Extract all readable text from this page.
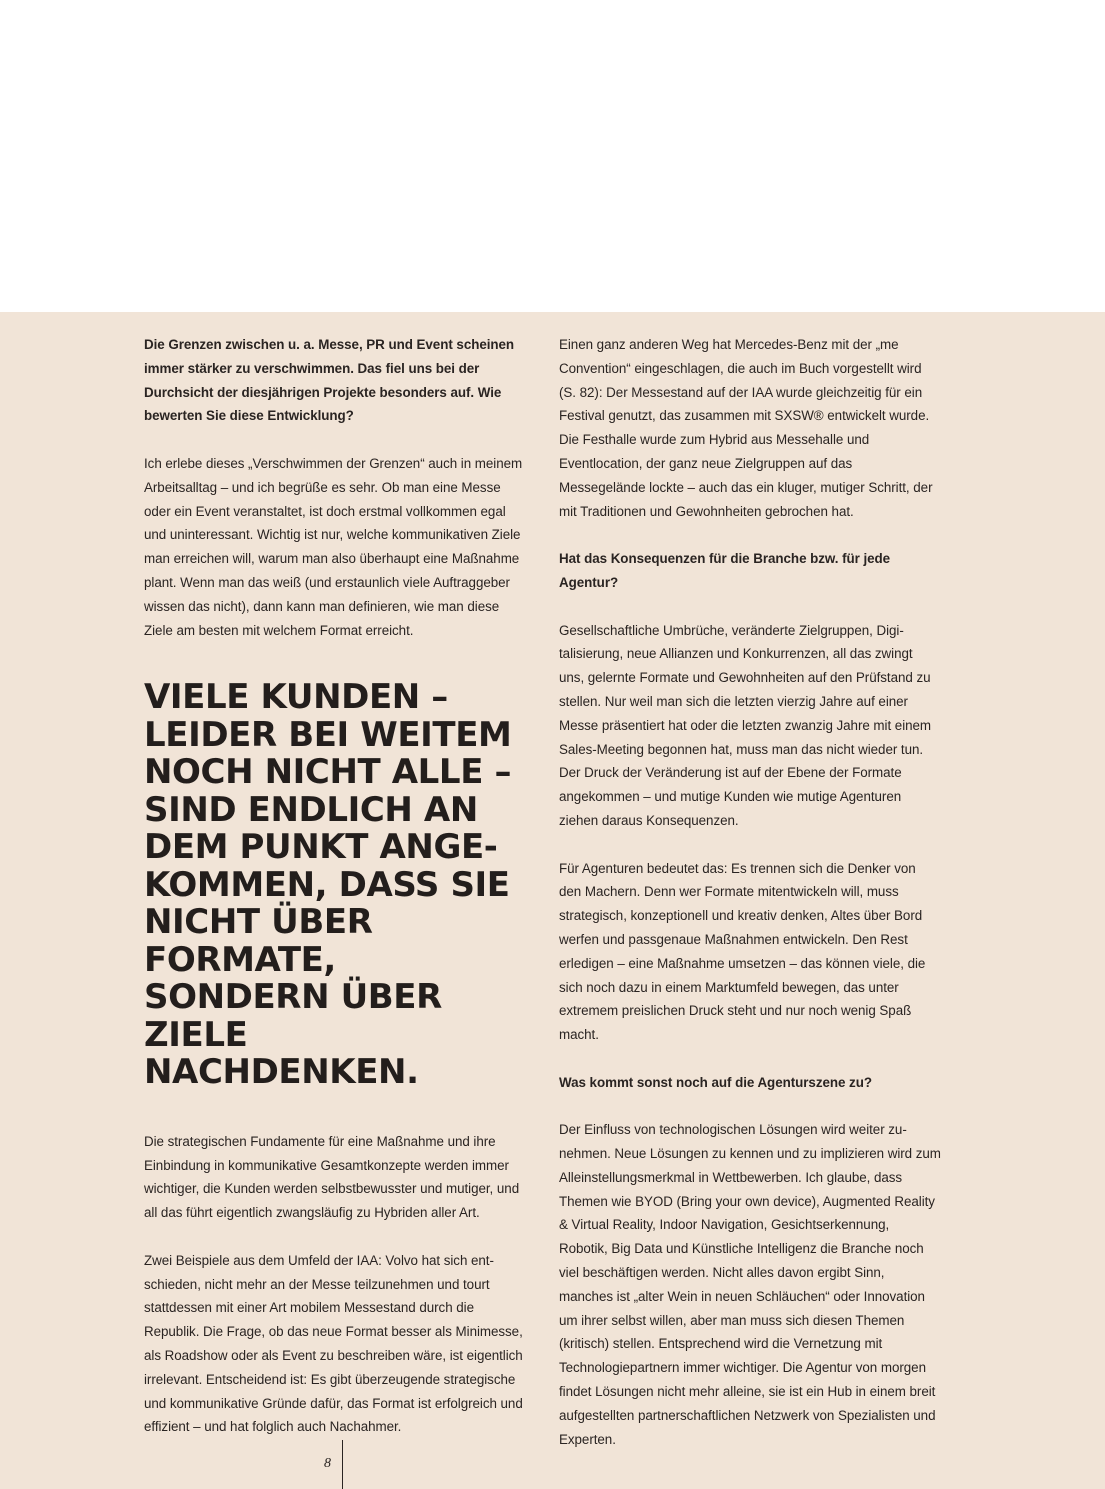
Die Grenzen zwischen u. a. Messe, PR und Event scheinen immer stärker zu verschwimmen. Das fiel uns bei der Durchsicht der diesjährigen Projekte besonders auf. Wie bewerten Sie diese Entwicklung?

Ich erlebe dieses „Verschwimmen der Grenzen“ auch in meinem Arbeitsalltag – und ich begrüße es sehr. Ob man eine Messe oder ein Event veranstaltet, ist doch erstmal vollkommen egal und uninteressant. Wichtig ist nur, welche kommunikativen Ziele man erreichen will, warum man also überhaupt eine Maßnahme plant. Wenn man das weiß (und erstaunlich viele Auftraggeber wissen das nicht), dann kann man definieren, wie man diese Ziele am besten mit welchem Format erreicht.

VIELE KUNDEN –
LEIDER BEI WEITEM
NOCH NICHT ALLE –
SIND ENDLICH AN
DEM PUNKT ANGE-
KOMMEN, DASS SIE
NICHT ÜBER FORMATE,
SONDERN ÜBER ZIELE
NACHDENKEN.

Die strategischen Fundamente für eine Maßnahme und ihre Einbindung in kommunikative Gesamtkonzepte werden immer wichtiger, die Kunden werden selbstbewusster und mutiger, und all das führt eigentlich zwangsläufig zu Hybriden aller Art.

Zwei Beispiele aus dem Umfeld der IAA: Volvo hat sich entschieden, nicht mehr an der Messe teilzunehmen und tourt stattdessen mit einer Art mobilem Messestand durch die Republik. Die Frage, ob das neue Format besser als Minimesse, als Roadshow oder als Event zu beschreiben wäre, ist eigentlich irrelevant. Entscheidend ist: Es gibt überzeugende strategische und kommunikative Gründe dafür, das Format ist erfolgreich und effizient – und hat folglich auch Nachahmer.

Einen ganz anderen Weg hat Mercedes-Benz mit der „me Convention“ eingeschlagen, die auch im Buch vorgestellt wird (S. 82): Der Messestand auf der IAA wurde gleichzeitig für ein Festival genutzt, das zusammen mit SXSW® entwickelt wurde. Die Festhalle wurde zum Hybrid aus Messehalle und Eventlocation, der ganz neue Zielgruppen auf das Messegelände lockte – auch das ein kluger, mutiger Schritt, der mit Traditionen und Gewohnheiten gebrochen hat.

Hat das Konsequenzen für die Branche bzw. für jede Agentur?

Gesellschaftliche Umbrüche, veränderte Zielgruppen, Digitalisierung, neue Allianzen und Konkurrenzen, all das zwingt uns, gelernte Formate und Gewohnheiten auf den Prüfstand zu stellen. Nur weil man sich die letzten vierzig Jahre auf einer Messe präsentiert hat oder die letzten zwanzig Jahre mit einem Sales-Meeting begonnen hat, muss man das nicht wieder tun. Der Druck der Veränderung ist auf der Ebene der Formate angekommen – und mutige Kunden wie mutige Agenturen ziehen daraus Konsequenzen.

Für Agenturen bedeutet das: Es trennen sich die Denker von den Machern. Denn wer Formate mitentwickeln will, muss strategisch, konzeptionell und kreativ denken, Altes über Bord werfen und passgenaue Maßnahmen entwickeln. Den Rest erledigen – eine Maßnahme umsetzen – das können viele, die sich noch dazu in einem Marktumfeld bewegen, das unter extremem preislichen Druck steht und nur noch wenig Spaß macht.

Was kommt sonst noch auf die Agenturszene zu?

Der Einfluss von technologischen Lösungen wird weiter zunehmen. Neue Lösungen zu kennen und zu implizieren wird zum Alleinstellungsmerkmal in Wettbewerben. Ich glaube, dass Themen wie BYOD (Bring your own device), Augmented Reality & Virtual Reality, Indoor Navigation, Gesichtserkennung, Robotik, Big Data und Künstliche Intelligenz die Branche noch viel beschäftigen werden. Nicht alles davon ergibt Sinn, manches ist „alter Wein in neuen Schläuchen“ oder Innovation um ihrer selbst willen, aber man muss sich diesen Themen (kritisch) stellen. Entsprechend wird die Vernetzung mit Technologiepartnern immer wichtiger. Die Agentur von morgen findet Lösungen nicht mehr alleine, sie ist ein Hub in einem breit aufgestellten partnerschaftlichen Netzwerk von Spezialisten und Experten.

8
